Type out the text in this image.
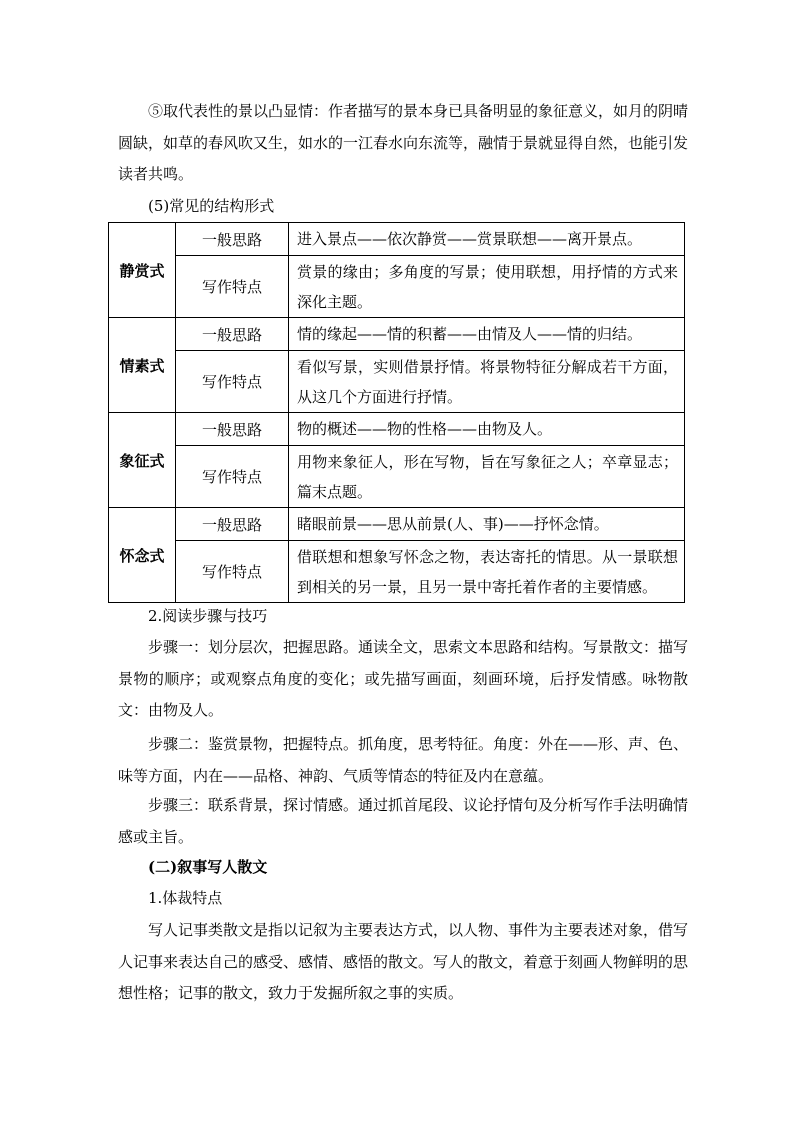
⑤取代表性的景以凸显情：作者描写的景本身已具备明显的象征意义，如月的阴晴圆缺，如草的春风吹又生，如水的一江春水向东流等，融情于景就显得自然，也能引发读者共鸣。

(5)常见的结构形式

静赏式	一般思路	进入景点——依次静赏——赏景联想——离开景点。
	写作特点	赏景的缘由；多角度的写景；使用联想，用抒情的方式来深化主题。
情素式	一般思路	情的缘起——情的积蓄——由情及人——情的归结。
	写作特点	看似写景，实则借景抒情。将景物特征分解成若干方面，从这几个方面进行抒情。
象征式	一般思路	物的概述——物的性格——由物及人。
	写作特点	用物来象征人，形在写物，旨在写象征之人；卒章显志；篇末点题。
怀念式	一般思路	睹眼前景——思从前景(人、事)——抒怀念情。
	写作特点	借联想和想象写怀念之物，表达寄托的情思。从一景联想到相关的另一景，且另一景中寄托着作者的主要情感。

2.阅读步骤与技巧

步骤一：划分层次，把握思路。通读全文，思索文本思路和结构。写景散文：描写景物的顺序；或观察点角度的变化；或先描写画面，刻画环境，后抒发情感。咏物散文：由物及人。

步骤二：鉴赏景物，把握特点。抓角度，思考特征。角度：外在——形、声、色、味等方面，内在——品格、神韵、气质等情态的特征及内在意蕴。

步骤三：联系背景，探讨情感。通过抓首尾段、议论抒情句及分析写作手法明确情感或主旨。

(二)叙事写人散文

1.体裁特点

写人记事类散文是指以记叙为主要表达方式，以人物、事件为主要表述对象，借写人记事来表达自己的感受、感情、感悟的散文。写人的散文，着意于刻画人物鲜明的思想性格；记事的散文，致力于发掘所叙之事的实质。
